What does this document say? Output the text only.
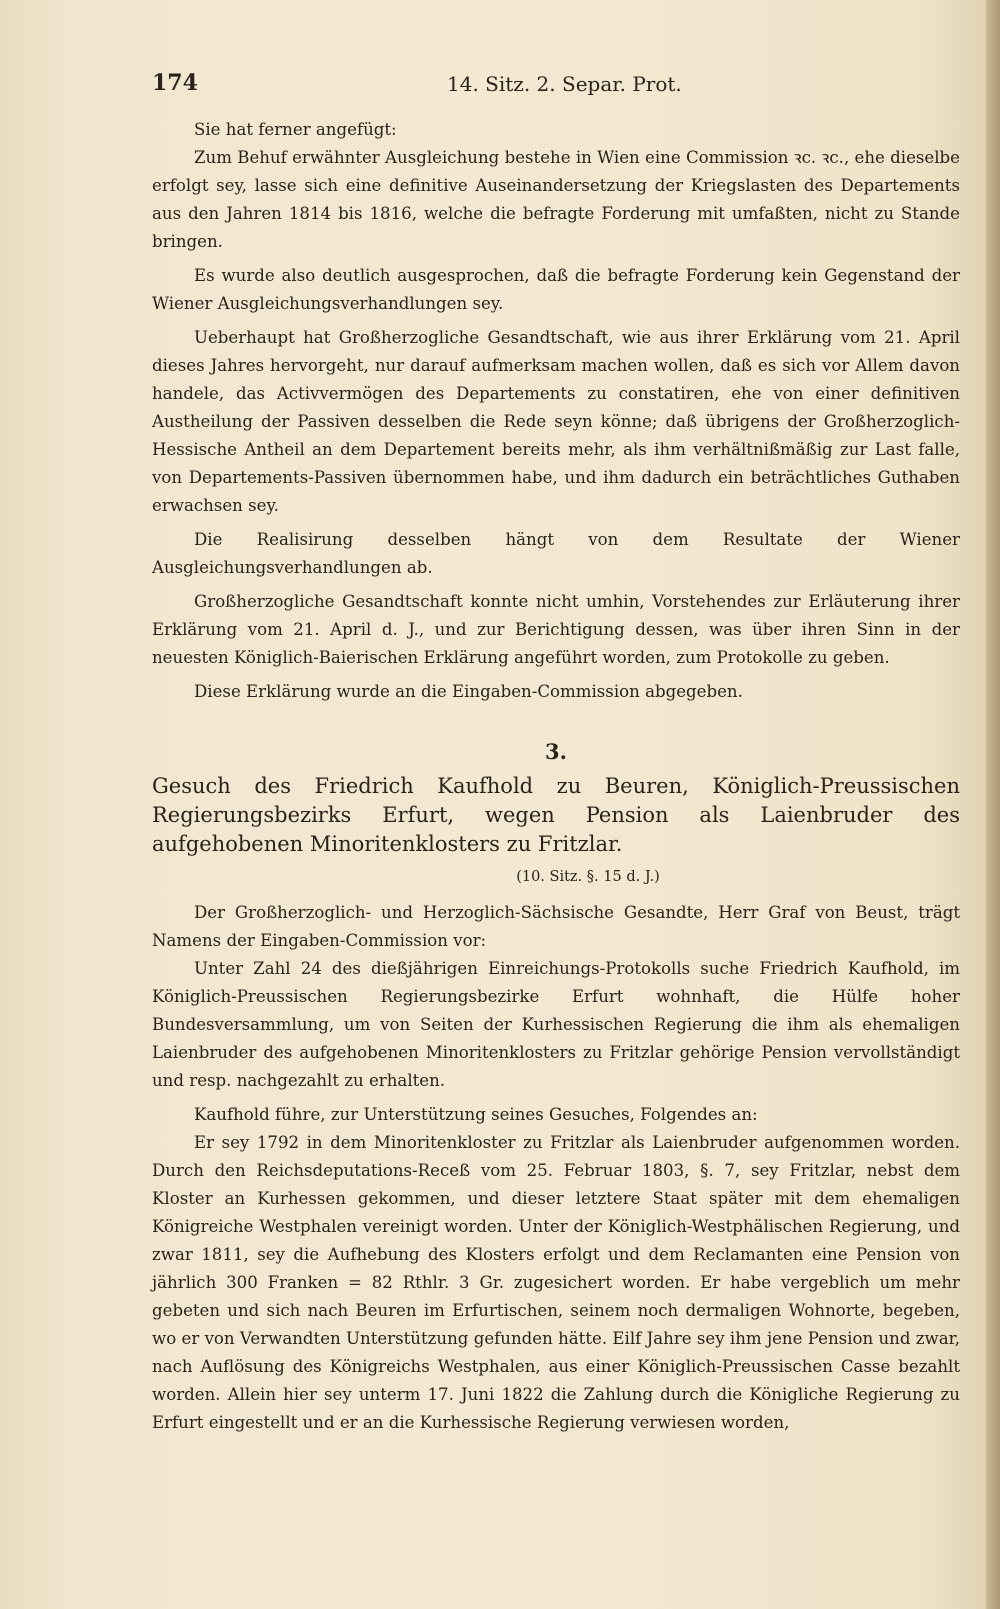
174	14. Sitz. 2. Separ. Prot.

Sie hat ferner angefügt:

Zum Behuf erwähnter Ausgleichung bestehe in Wien eine Commission ꝛc. ꝛc., ehe dieselbe erfolgt sey, lasse sich eine definitive Auseinandersetzung der Kriegslasten des Departements aus den Jahren 1814 bis 1816, welche die befragte Forderung mit umfaßten, nicht zu Stande bringen.

Es wurde also deutlich ausgesprochen, daß die befragte Forderung kein Gegenstand der Wiener Ausgleichungsverhandlungen sey.

Ueberhaupt hat Großherzogliche Gesandtschaft, wie aus ihrer Erklärung vom 21. April dieses Jahres hervorgeht, nur darauf aufmerksam machen wollen, daß es sich vor Allem davon handele, das Activvermögen des Departements zu constatiren, ehe von einer definitiven Austheilung der Passiven desselben die Rede seyn könne; daß übrigens der Großherzoglich-Hessische Antheil an dem Departement bereits mehr, als ihm verhältnißmäßig zur Last falle, von Departements-Passiven übernommen habe, und ihm dadurch ein beträchtliches Guthaben erwachsen sey.

Die Realisirung desselben hängt von dem Resultate der Wiener Ausgleichungsverhandlungen ab.

Großherzogliche Gesandtschaft konnte nicht umhin, Vorstehendes zur Erläuterung ihrer Erklärung vom 21. April d. J., und zur Berichtigung dessen, was über ihren Sinn in der neuesten Königlich-Baierischen Erklärung angeführt worden, zum Protokolle zu geben.

Diese Erklärung wurde an die Eingaben-Commission abgegeben.

3.
Gesuch des Friedrich Kaufhold zu Beuren, Königlich-Preussischen Regierungsbezirks Erfurt, wegen Pension als Laienbruder des aufgehobenen Minoritenklosters zu Fritzlar.
(10. Sitz. §. 15 d. J.)

Der Großherzoglich- und Herzoglich-Sächsische Gesandte, Herr Graf von Beust, trägt Namens der Eingaben-Commission vor:

Unter Zahl 24 des dießjährigen Einreichungs-Protokolls suche Friedrich Kaufhold, im Königlich-Preussischen Regierungsbezirke Erfurt wohnhaft, die Hülfe hoher Bundesversammlung, um von Seiten der Kurhessischen Regierung die ihm als ehemaligen Laienbruder des aufgehobenen Minoritenklosters zu Fritzlar gehörige Pension vervollständigt und resp. nachgezahlt zu erhalten.

Kaufhold führe, zur Unterstützung seines Gesuches, Folgendes an:

Er sey 1792 in dem Minoritenkloster zu Fritzlar als Laienbruder aufgenommen worden. Durch den Reichsdeputations-Receß vom 25. Februar 1803, §. 7, sey Fritzlar, nebst dem Kloster an Kurhessen gekommen, und dieser letztere Staat später mit dem ehemaligen Königreiche Westphalen vereinigt worden. Unter der Königlich-Westphälischen Regierung, und zwar 1811, sey die Aufhebung des Klosters erfolgt und dem Reclamanten eine Pension von jährlich 300 Franken = 82 Rthlr. 3 Gr. zugesichert worden. Er habe vergeblich um mehr gebeten und sich nach Beuren im Erfurtischen, seinem noch dermaligen Wohnorte, begeben, wo er von Verwandten Unterstützung gefunden hätte. Eilf Jahre sey ihm jene Pension und zwar, nach Auflösung des Königreichs Westphalen, aus einer Königlich-Preussischen Casse bezahlt worden. Allein hier sey unterm 17. Juni 1822 die Zahlung durch die Königliche Regierung zu Erfurt eingestellt und er an die Kurhessische Regierung verwiesen worden,
